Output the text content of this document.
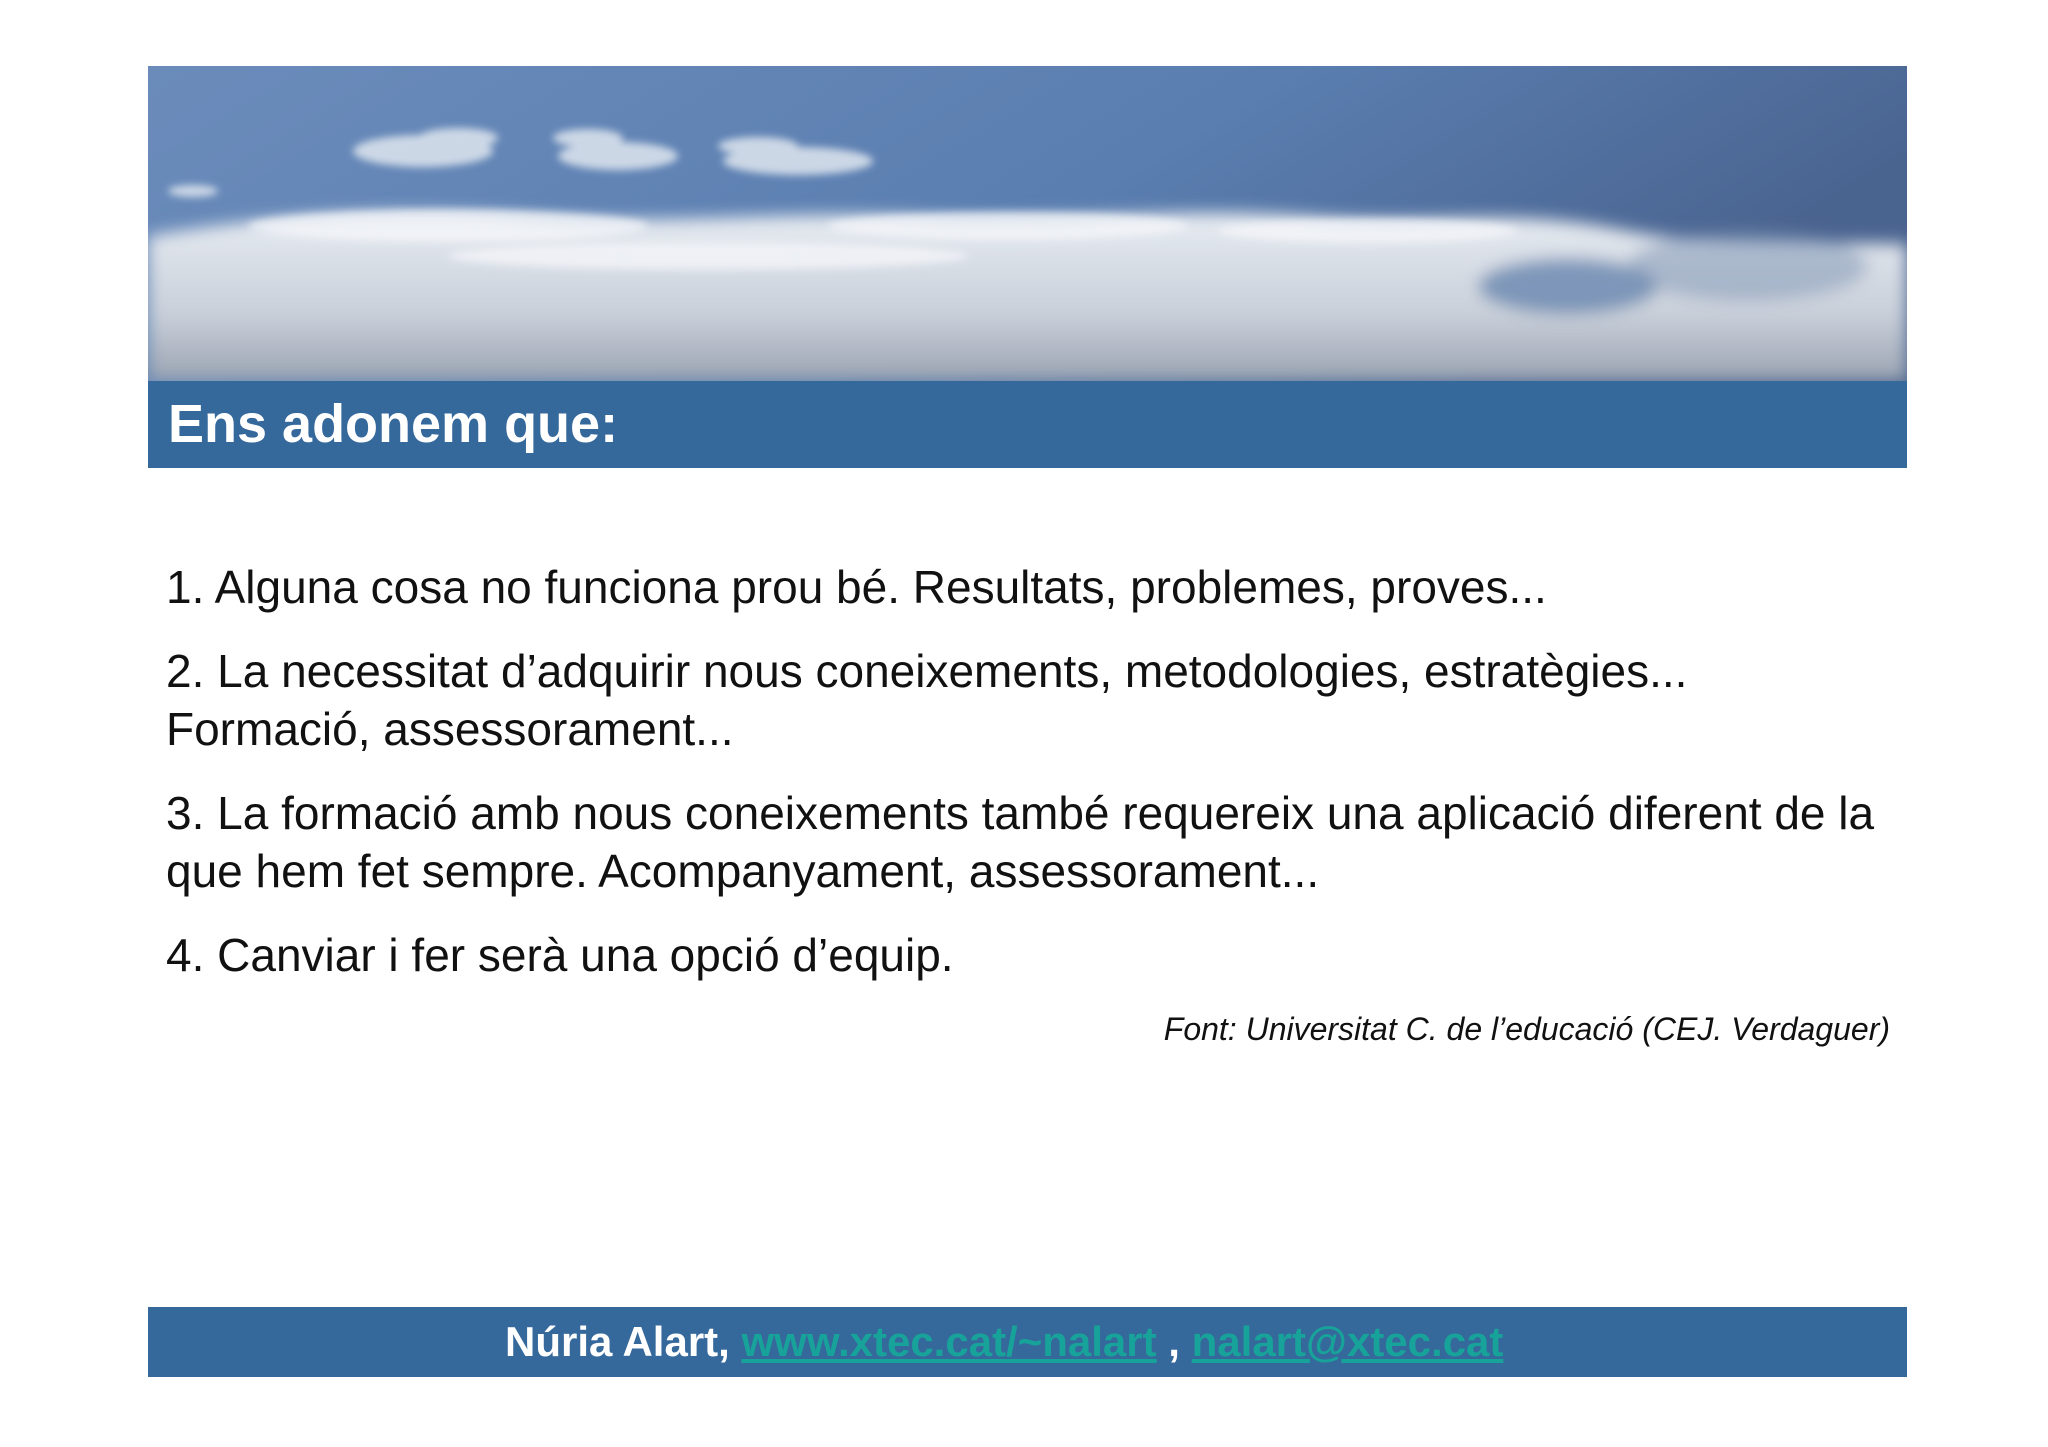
Ens adonem que:

1. Alguna cosa no funciona prou bé. Resultats, problemes, proves...

2. La necessitat d’adquirir nous coneixements, metodologies, estratègies... Formació, assessorament...

3. La formació amb nous coneixements també requereix una aplicació diferent de la que hem fet sempre. Acompanyament, assessorament...

4. Canviar i fer serà una opció d’equip.

Font: Universitat C. de l’educació (CEJ. Verdaguer)
Núria Alart, www.xtec.cat/~nalart , nalart@xtec.cat
